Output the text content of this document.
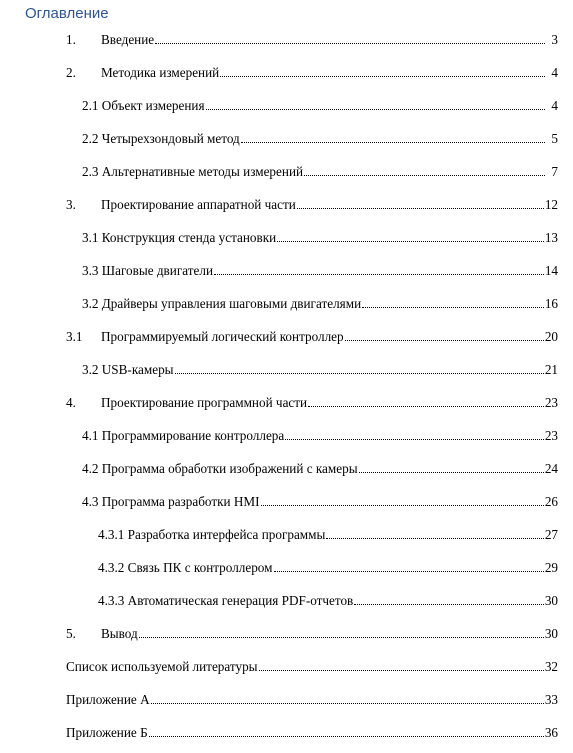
Оглавление
1.	Введение	3
2.	Методика измерений	4
2.1 Объект измерения	4
2.2 Четырехзондовый метод	5
2.3 Альтернативные методы измерений	7
3.	Проектирование аппаратной части	12
3.1 Конструкция стенда установки	13
3.3 Шаговые двигатели	14
3.2 Драйверы управления шаговыми двигателями	16
3.1	Программируемый логический контроллер	20
3.2 USB-камеры	21
4.	Проектирование программной части	23
4.1 Программирование контроллера	23
4.2 Программа обработки изображений с камеры	24
4.3 Программа разработки HMI	26
4.3.1 Разработка интерфейса программы	27
4.3.2 Связь ПК с контроллером	29
4.3.3 Автоматическая генерация PDF-отчетов	30
5.	Вывод	30
Список используемой литературы	32
Приложение А	33
Приложение Б	36
